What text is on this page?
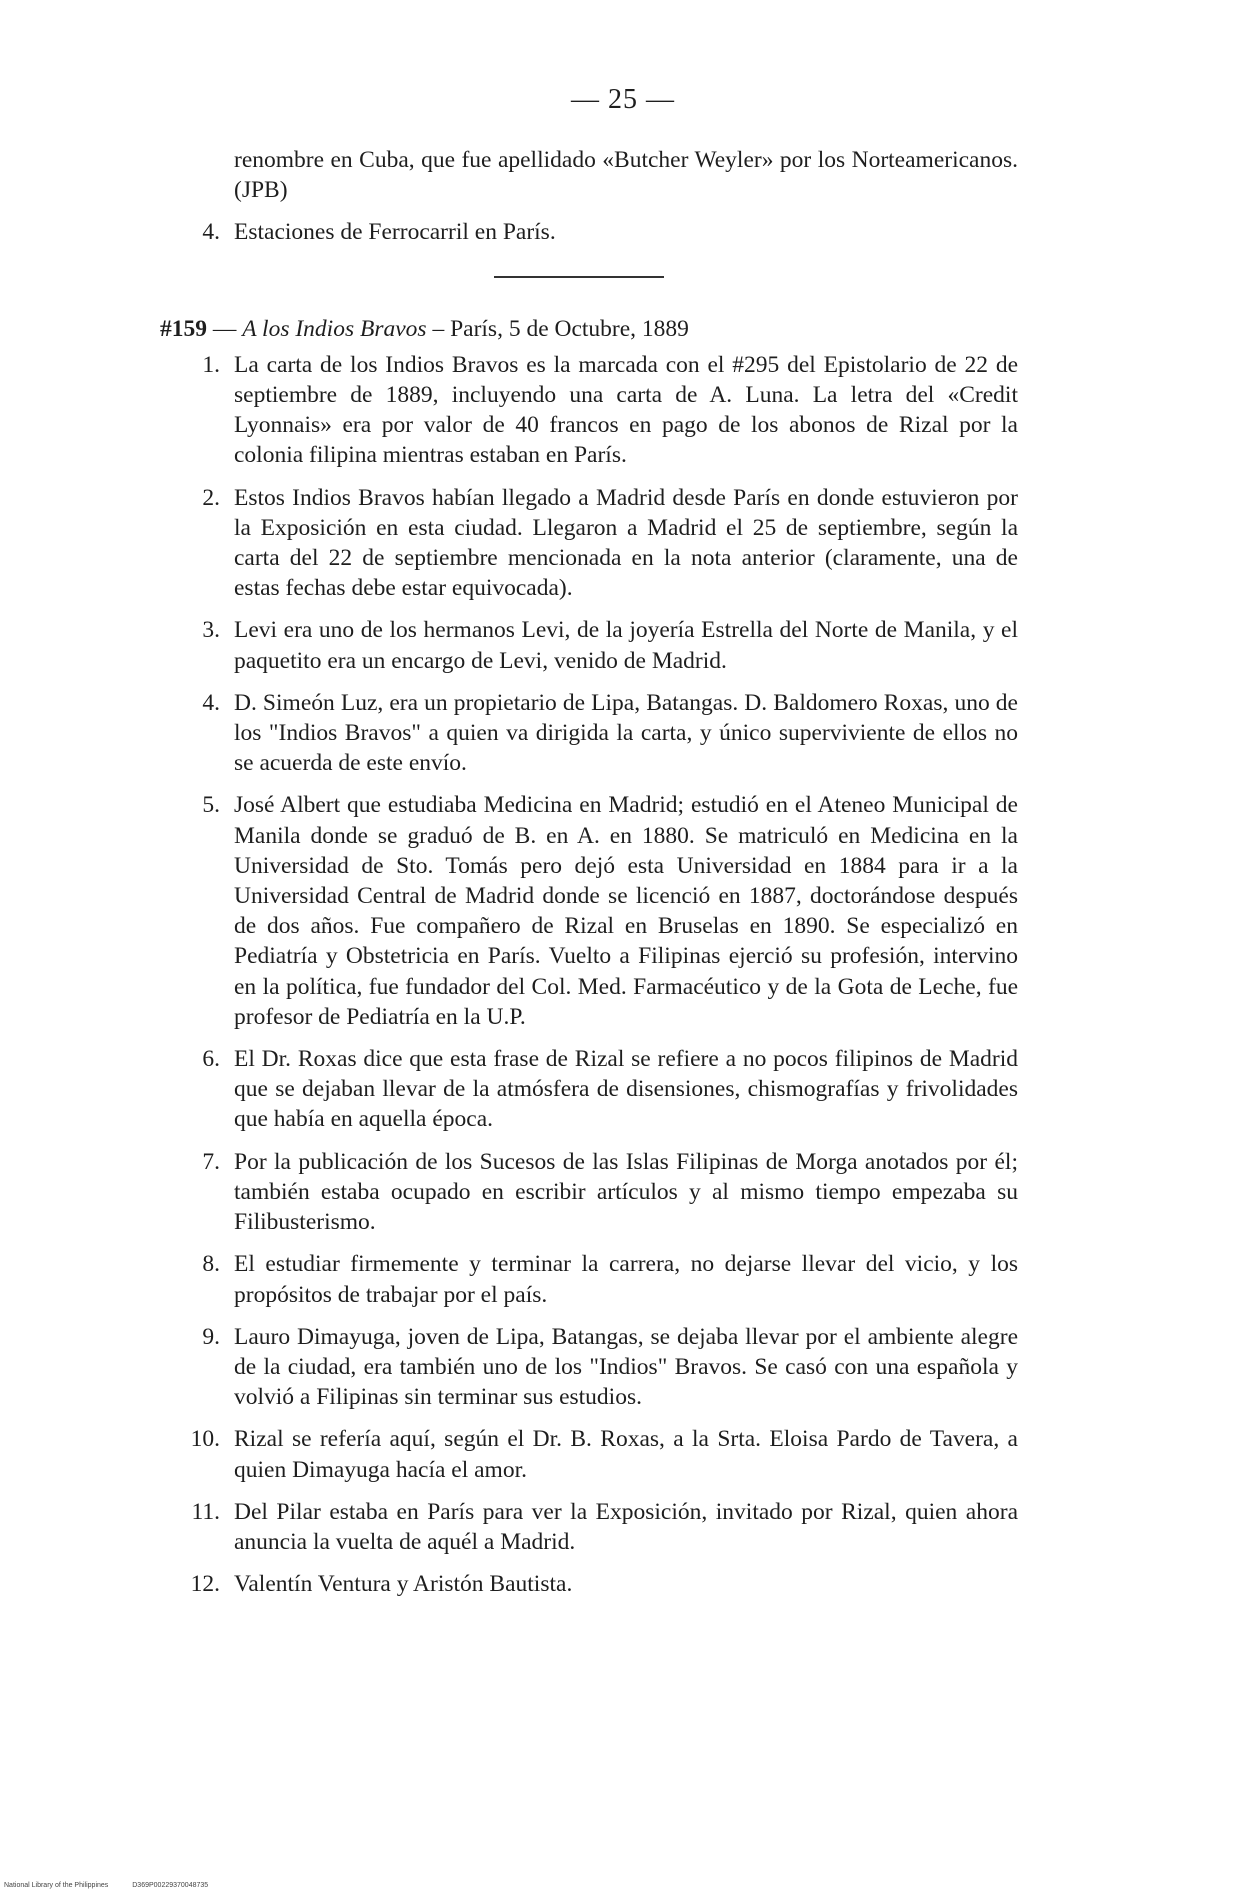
— 25 —
renombre en Cuba, que fue apellidado «Butcher Weyler» por los Norteamericanos. (JPB)
4 . Estaciones de Ferrocarril en París.
#159 — A los Indios Bravos – París, 5 de Octubre, 1889
1 . La carta de los Indios Bravos es la marcada con el #295 del Epistolario de 22 de septiembre de 1889, incluyendo una carta de A. Luna. La letra del «Credit Lyonnais» era por valor de 40 francos en pago de los abonos de Rizal por la colonia filipina mientras estaban en París.
2 . Estos Indios Bravos habían llegado a Madrid desde París en donde estuvieron por la Exposición en esta ciudad. Llegaron a Madrid el 25 de septiembre, según la carta del 22 de septiembre mencionada en la nota anterior (claramente, una de estas fechas debe estar equivocada).
3 . Levi era uno de los hermanos Levi, de la joyería Estrella del Norte de Manila, y el paquetito era un encargo de Levi, venido de Madrid.
4 . D. Simeón Luz, era un propietario de Lipa, Batangas. D. Baldomero Roxas, uno de los "Indios Bravos" a quien va dirigida la carta, y único superviviente de ellos no se acuerda de este envío.
5 . José Albert que estudiaba Medicina en Madrid; estudió en el Ateneo Municipal de Manila donde se graduó de B. en A. en 1880. Se matriculó en Medicina en la Universidad de Sto. Tomás pero dejó esta Universidad en 1884 para ir a la Universidad Central de Madrid donde se licenció en 1887, doctorándose después de dos años. Fue compañero de Rizal en Bruselas en 1890. Se especializó en Pediatría y Obstetricia en París. Vuelto a Filipinas ejerció su profesión, intervino en la política, fue fundador del Col. Med. Farmacéutico y de la Gota de Leche, fue profesor de Pediatría en la U.P.
6 . El Dr. Roxas dice que esta frase de Rizal se refiere a no pocos filipinos de Madrid que se dejaban llevar de la atmósfera de disensiones, chismografías y frivolidades que había en aquella época.
7 . Por la publicación de los Sucesos de las Islas Filipinas de Morga anotados por él; también estaba ocupado en escribir artículos y al mismo tiempo empezaba su Filibusterismo.
8 . El estudiar firmemente y terminar la carrera, no dejarse llevar del vicio, y los propósitos de trabajar por el país.
9 . Lauro Dimayuga, joven de Lipa, Batangas, se dejaba llevar por el ambiente alegre de la ciudad, era también uno de los "Indios" Bravos. Se casó con una española y volvió a Filipinas sin terminar sus estudios.
10 . Rizal se refería aquí, según el Dr. B. Roxas, a la Srta. Eloisa Pardo de Tavera, a quien Dimayuga hacía el amor.
11 . Del Pilar estaba en París para ver la Exposición, invitado por Rizal, quien ahora anuncia la vuelta de aquél a Madrid.
12 . Valentín Ventura y Aristón Bautista.
National Library of the Philippines	D369P00229370048735
